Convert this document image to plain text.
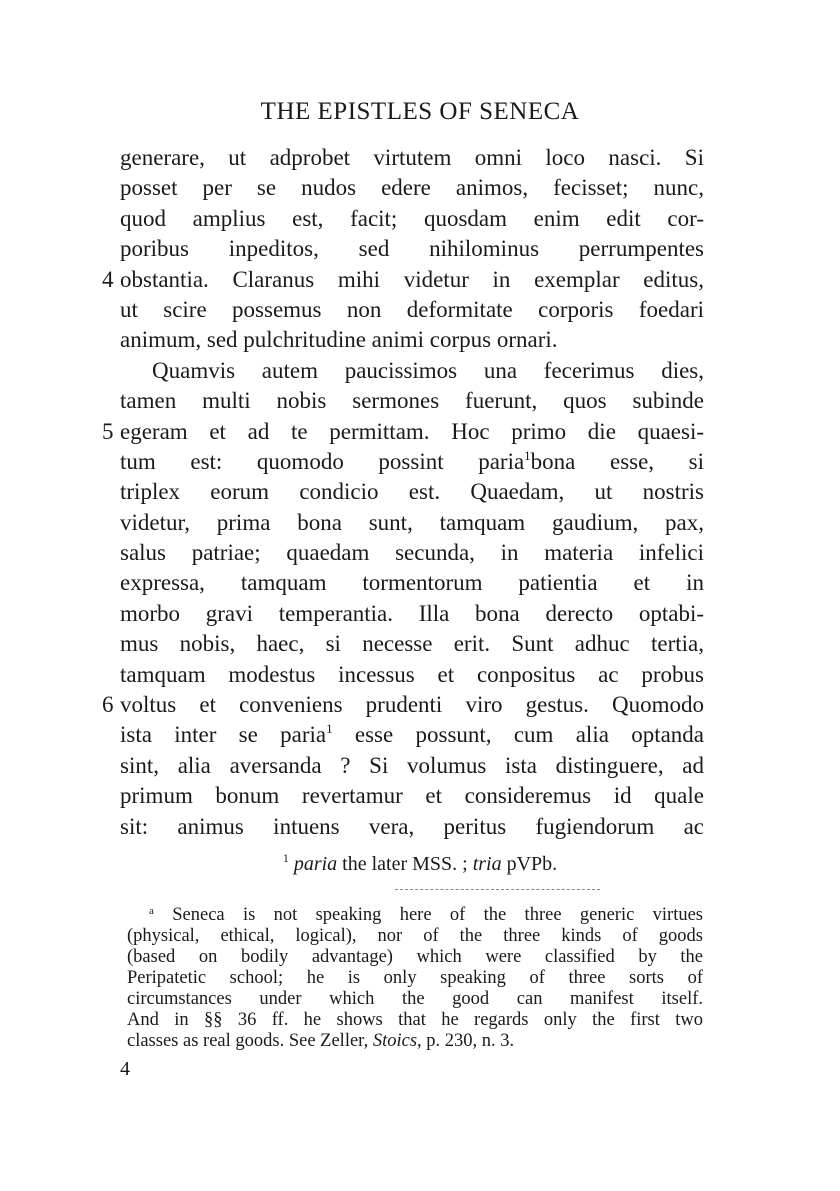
THE EPISTLES OF SENECA
generare, ut adprobet virtutem omni loco nasci. Si
posset per se nudos edere animos, fecisset; nunc,
quod amplius est, facit; quosdam enim edit cor-
poribus inpeditos, sed nihilominus perrumpentes
4 obstantia. Claranus mihi videtur in exemplar editus,
ut scire possemus non deformitate corporis foedari
animum, sed pulchritudine animi corpus ornari.
Quamvis autem paucissimos una fecerimus dies,
tamen multi nobis sermones fuerunt, quos subinde
5 egeram et ad te permittam. Hoc primo die quaesi-
tum est: quomodo possint paria$^1$bona esse, si
triplex eorum condicio est. Quaedam, ut nostris
videtur, prima bona sunt, tamquam gaudium, pax,
salus patriae; quaedam secunda, in materia infelici
expressa, tamquam tormentorum patientia et in
morbo gravi temperantia. Illa bona derecto optabi-
mus nobis, haec, si necesse erit. Sunt adhuc tertia,
tamquam modestus incessus et conpositus ac probus
6 voltus et conveniens prudenti viro gestus. Quomodo
ista inter se paria$^1$ esse possunt, cum alia optanda
sint, alia aversanda ? Si volumus ista distinguere, ad
primum bonum revertamur et consideremus id quale
sit: animus intuens vera, peritus fugiendorum ac
$^1$ paria the later MSS. ; tria pVPb.
$^a$ Seneca is not speaking here of the three generic virtues
(physical, ethical, logical), nor of the three kinds of goods
(based on bodily advantage) which were classified by the
Peripatetic school; he is only speaking of three sorts of
circumstances under which the good can manifest itself.
And in §§ 36 ff. he shows that he regards only the first two
classes as real goods. See Zeller, Stoics, p. 230, n. 3.
4
